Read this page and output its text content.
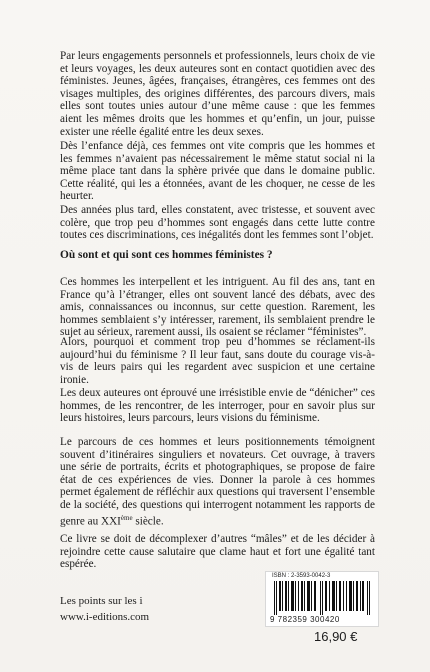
Par leurs engagements personnels et professionnels, leurs choix de vie et leurs voyages, les deux auteures sont en contact quotidien avec des féministes. Jeunes, âgées, françaises, étrangères, ces femmes ont des visages multiples, des origines différentes, des parcours divers, mais elles sont toutes unies autour d’une même cause : que les femmes aient les mêmes droits que les hommes et qu’enfin, un jour, puisse exister une réelle égalité entre les deux sexes.

Dès l’enfance déjà, ces femmes ont vite compris que les hommes et les femmes n’avaient pas nécessairement le même statut social ni la même place tant dans la sphère privée que dans le domaine public. Cette réalité, qui les a étonnées, avant de les choquer, ne cesse de les heurter.

Des années plus tard, elles constatent, avec tristesse, et souvent avec colère, que trop peu d’hommes sont engagés dans cette lutte contre toutes ces discriminations, ces inégalités dont les femmes sont l’objet.

Où sont et qui sont ces hommes féministes ?

Ces hommes les interpellent et les intriguent. Au fil des ans, tant en France qu’à l’étranger, elles ont souvent lancé des débats, avec des amis, connaissances ou inconnus, sur cette question. Rarement, les hommes semblaient s’y intéresser, rarement, ils semblaient prendre le sujet au sérieux, rarement aussi, ils osaient se réclamer “féministes”.

Alors, pourquoi et comment trop peu d’hommes se réclament-ils aujourd’hui du féminisme ? Il leur faut, sans doute du courage vis-à-vis de leurs pairs qui les regardent avec suspicion et une certaine ironie.

Les deux auteures ont éprouvé une irrésistible envie de “dénicher” ces hommes, de les rencontrer, de les interroger, pour en savoir plus sur leurs histoires, leurs parcours, leurs visions du féminisme.

Le parcours de ces hommes et leurs positionnements témoignent souvent d’itinéraires singuliers et novateurs. Cet ouvrage, à travers une série de portraits, écrits et photographiques, se propose de faire état de ces expériences de vies. Donner la parole à ces hommes permet également de réfléchir aux questions qui traversent l’ensemble de la société, des questions qui interrogent notamment les rapports de genre au XXIème siècle.

Ce livre se doit de décomplexer d’autres “mâles” et de les décider à rejoindre cette cause salutaire que clame haut et fort une égalité tant espérée.

Les points sur les i
www.i-editions.com
ISBN : 2-3593-0042-3
9 782359 300420
16,90 €
